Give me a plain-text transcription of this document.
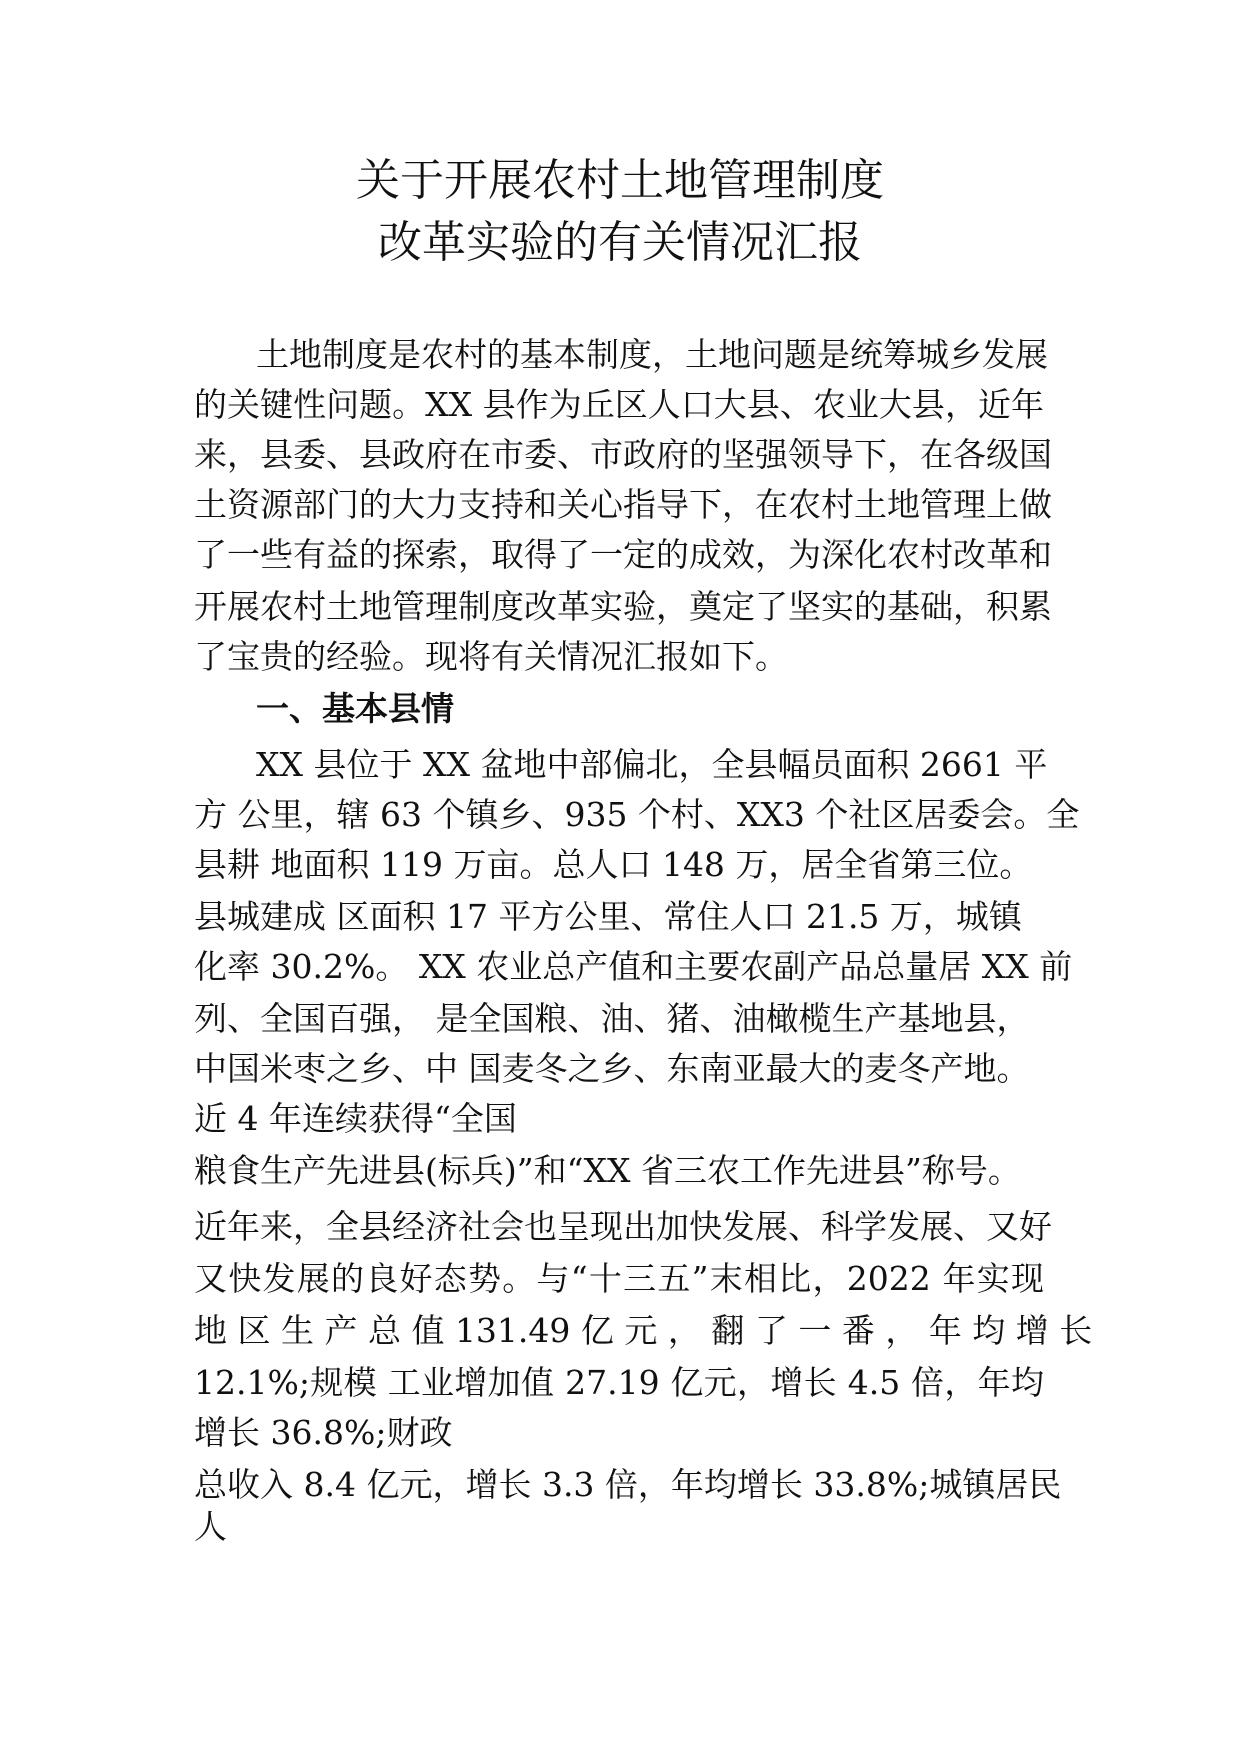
关于开展农村土地管理制度
改革实验的有关情况汇报
土地制度是农村的基本制度，土地问题是统筹城乡发展
的关键性问题。XX 县作为丘区人口大县、农业大县，近年
来，县委、县政府在市委、市政府的坚强领导下，在各级国
土资源部门的大力支持和关心指导下，在农村土地管理上做
了一些有益的探索，取得了一定的成效，为深化农村改革和
开展农村土地管理制度改革实验，奠定了坚实的基础，积累
了宝贵的经验。现将有关情况汇报如下。
一、基本县情
XX 县位于 XX 盆地中部偏北，全县幅员面积 2661 平
方 公里，辖 63 个镇乡、935 个村、XX3 个社区居委会。全
县耕 地面积 119 万亩。总人口 148 万，居全省第三位。
县城建成 区面积 17 平方公里、常住人口 21.5 万，城镇
化率 30.2%。 XX 农业总产值和主要农副产品总量居 XX 前
列、全国百强， 是全国粮、油、猪、油橄榄生产基地县，
中国米枣之乡、中 国麦冬之乡、东南亚最大的麦冬产地。
近 4 年连续获得“全国
粮食生产先进县(标兵)”和“XX 省三农工作先进县”称号。
近年来，全县经济社会也呈现出加快发展、科学发展、又好
又快发展的良好态势。与“十三五”末相比，2022 年实现
地 区 生 产 总 值 131.49 亿 元 ， 翻 了 一 番 ， 年 均 增 长
12.1%;规模 工业增加值 27.19 亿元，增长 4.5 倍，年均
增长 36.8%;财政
总收入 8.4 亿元，增长 3.3 倍，年均增长 33.8%;城镇居民
人
